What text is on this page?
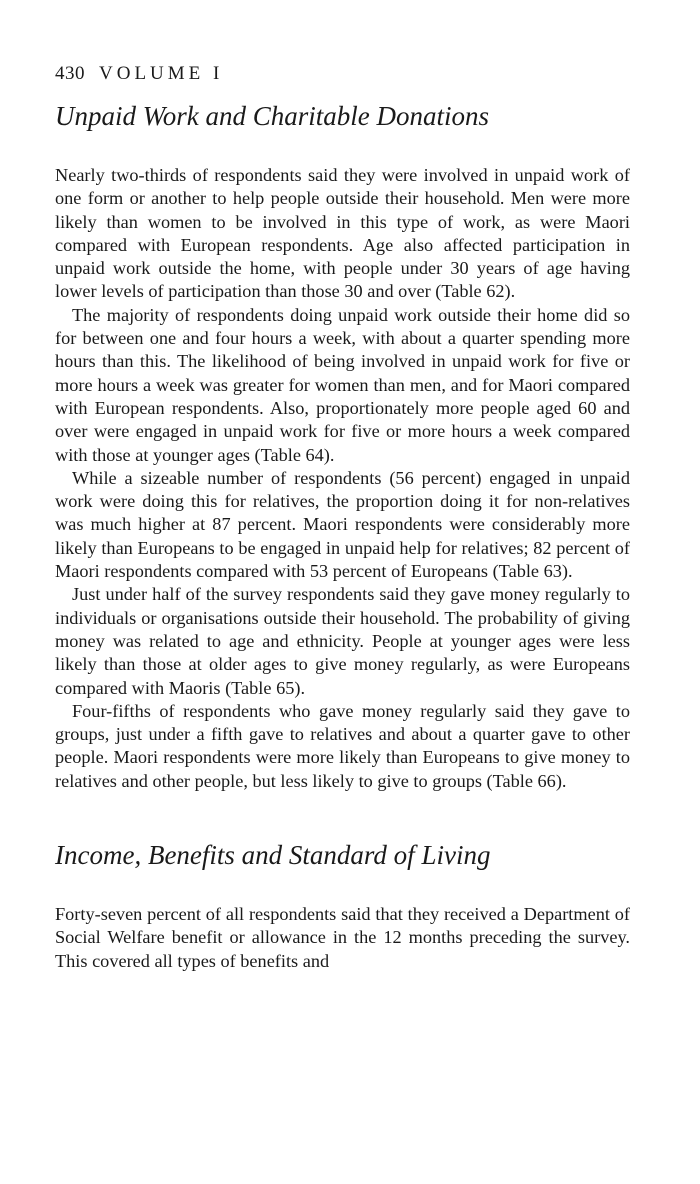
430 VOLUME I
Unpaid Work and Charitable Donations

Nearly two-thirds of respondents said they were involved in unpaid work of one form or another to help people outside their household. Men were more likely than women to be involved in this type of work, as were Maori compared with European respondents. Age also affected participation in unpaid work outside the home, with people under 30 years of age having lower levels of participation than those 30 and over (Table 62).

The majority of respondents doing unpaid work outside their home did so for between one and four hours a week, with about a quarter spending more hours than this. The likelihood of being involved in unpaid work for five or more hours a week was greater for women than men, and for Maori compared with European respondents. Also, proportionately more people aged 60 and over were engaged in unpaid work for five or more hours a week compared with those at younger ages (Table 64).

While a sizeable number of respondents (56 percent) engaged in unpaid work were doing this for relatives, the proportion doing it for non-relatives was much higher at 87 percent. Maori respondents were considerably more likely than Europeans to be engaged in unpaid help for relatives; 82 percent of Maori respondents compared with 53 percent of Europeans (Table 63).

Just under half of the survey respondents said they gave money regularly to individuals or organisations outside their household. The probability of giving money was related to age and ethnicity. People at younger ages were less likely than those at older ages to give money regularly, as were Europeans compared with Maoris (Table 65).

Four-fifths of respondents who gave money regularly said they gave to groups, just under a fifth gave to relatives and about a quarter gave to other people. Maori respondents were more likely than Europeans to give money to relatives and other people, but less likely to give to groups (Table 66).

Income, Benefits and Standard of Living

Forty-seven percent of all respondents said that they received a Department of Social Welfare benefit or allowance in the 12 months preceding the survey. This covered all types of benefits and
